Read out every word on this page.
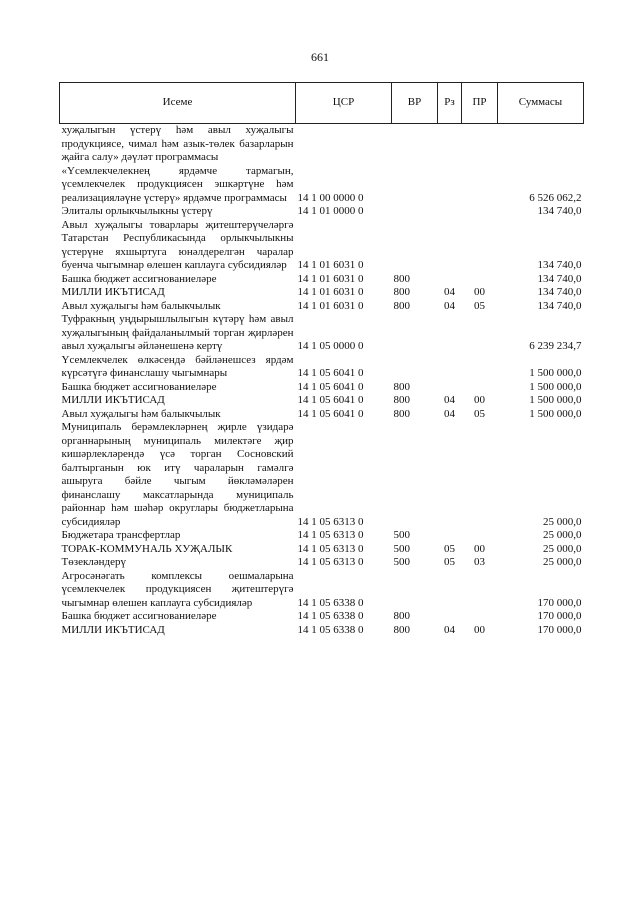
661
Исеме	ЦСР	ВР	Рз	ПР	Суммасы
хуҗалыгын үстерү һәм авыл хуҗалыгы продукциясе, чимал һәм азык-төлек базарларын җайга салу» дәүләт программасы					
«Үсемлекчелекнең ярдәмче тармагын, үсемлекчелек продукциясен эшкәртүне һәм реализацияләүне үстерү» ярдәмче программасы	14 1 00 0000 0				6 526 062,2
Элиталы орлыкчылыкны үстерү	14 1 01 0000 0				134 740,0
Авыл хуҗалыгы товарлары җитештерүчеләргә Татарстан Республикасында орлыкчылыкны үстерүне яхшыртуга юнәлдерелгән чаралар буенча чыгымнар өлешен каплауга субсидияләр	14 1 01 6031 0				134 740,0
Башка бюджет ассигнованиеләре	14 1 01 6031 0	800			134 740,0
МИЛЛИ ИКЪТИСАД	14 1 01 6031 0	800	04	00	134 740,0
Авыл хуҗалыгы һәм балыкчылык	14 1 01 6031 0	800	04	05	134 740,0
Туфракның уңдырышлылыгын күтәрү һәм авыл хуҗалыгының файдаланылмый торган җирләрен авыл хуҗалыгы әйләнешенә кертү	14 1 05 0000 0				6 239 234,7
Үсемлекчелек өлкәсендә бәйләнешсез ярдәм күрсәтүгә финанслашу чыгымнары	14 1 05 6041 0				1 500 000,0
Башка бюджет ассигнованиеләре	14 1 05 6041 0	800			1 500 000,0
МИЛЛИ ИКЪТИСАД	14 1 05 6041 0	800	04	00	1 500 000,0
Авыл хуҗалыгы һәм балыкчылык	14 1 05 6041 0	800	04	05	1 500 000,0
Муниципаль берәмлекләрнең җирле үзидарә органнарының муниципаль милектәге җир кишәрлекләрендә үсә торган Сосновский балтырганын юк итү чараларын гамәлгә ашыруга бәйле чыгым йөкләмәләрен финанслашу максатларында муниципаль районнар һәм шәһәр округлары бюджетларына субсидияләр	14 1 05 6313 0				25 000,0
Бюджетара трансфертлар	14 1 05 6313 0	500			25 000,0
ТОРАК-КОММУНАЛЬ ХУҖАЛЫК	14 1 05 6313 0	500	05	00	25 000,0
Төзекләндерү	14 1 05 6313 0	500	05	03	25 000,0
Агросәнәгать комплексы оешмаларына үсемлекчелек продукциясен җитештерүгә чыгымнар өлешен каплауга субсидияләр	14 1 05 6338 0				170 000,0
Башка бюджет ассигнованиеләре	14 1 05 6338 0	800			170 000,0
МИЛЛИ ИКЪТИСАД	14 1 05 6338 0	800	04	00	170 000,0
